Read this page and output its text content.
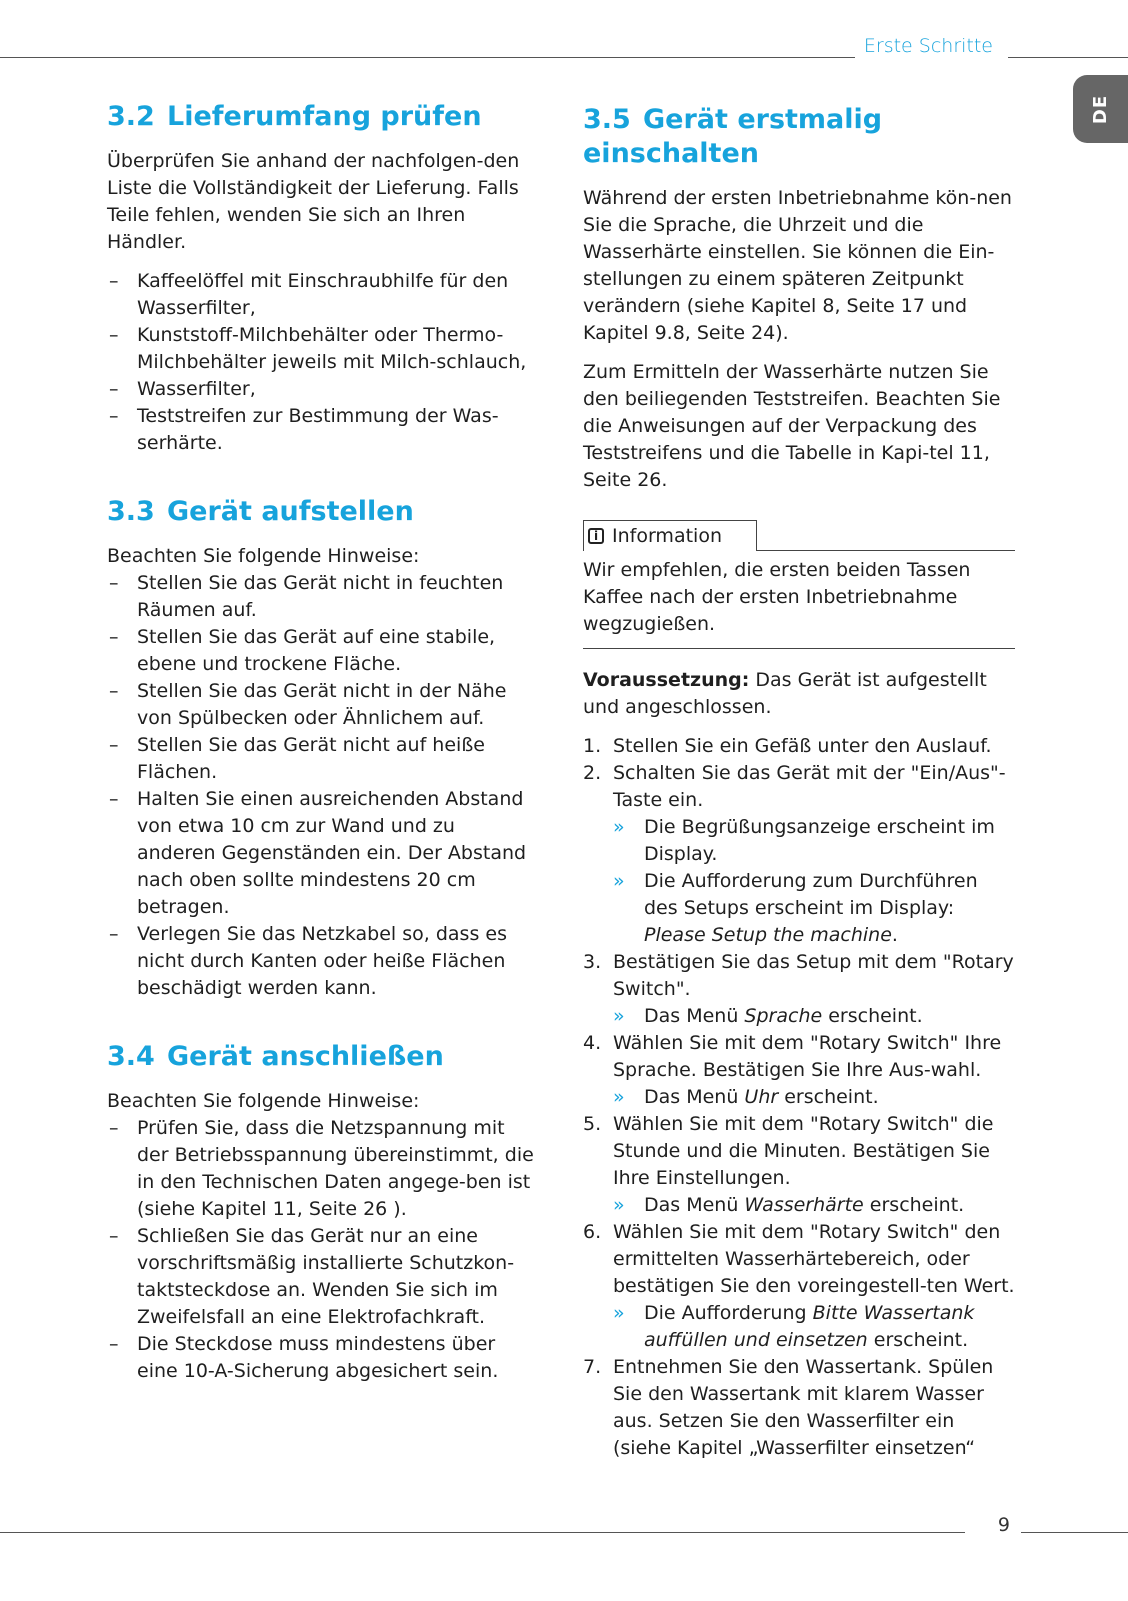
Erste Schritte
DE
9
3.2 Lieferumfang prüfen

Überprüfen Sie anhand der nachfolgen-den Liste die Vollständigkeit der Lieferung. Falls Teile fehlen, wenden Sie sich an Ihren Händler.

– Kaffeelöffel mit Einschraubhilfe für den Wasserfilter,
– Kunststoff-Milchbehälter oder Thermo-Milchbehälter jeweils mit Milch-schlauch,
– Wasserfilter,
– Teststreifen zur Bestimmung der Was-serhärte.
3.3 Gerät aufstellen

Beachten Sie folgende Hinweise:

– Stellen Sie das Gerät nicht in feuchten Räumen auf.
– Stellen Sie das Gerät auf eine stabile, ebene und trockene Fläche.
– Stellen Sie das Gerät nicht in der Nähe von Spülbecken oder Ähnlichem auf.
– Stellen Sie das Gerät nicht auf heiße Flächen.
– Halten Sie einen ausreichenden Abstand von etwa 10 cm zur Wand und zu anderen Gegenständen ein. Der Abstand nach oben sollte mindestens 20 cm betragen.
– Verlegen Sie das Netzkabel so, dass es nicht durch Kanten oder heiße Flächen beschädigt werden kann.
3.4 Gerät anschließen

Beachten Sie folgende Hinweise:

– Prüfen Sie, dass die Netzspannung mit der Betriebsspannung übereinstimmt, die in den Technischen Daten angege-ben ist (siehe Kapitel 11, Seite 26 ).
– Schließen Sie das Gerät nur an eine vorschriftsmäßig installierte Schutzkon-taktsteckdose an. Wenden Sie sich im Zweifelsfall an eine Elektrofachkraft.
– Die Steckdose muss mindestens über eine 10-A-Sicherung abgesichert sein.
3.5 Gerät erstmalig einschalten

Während der ersten Inbetriebnahme kön-nen Sie die Sprache, die Uhrzeit und die Wasserhärte einstellen. Sie können die Ein-stellungen zu einem späteren Zeitpunkt verändern (siehe Kapitel 8, Seite 17 und Kapitel 9.8, Seite 24).

Zum Ermitteln der Wasserhärte nutzen Sie den beiliegenden Teststreifen. Beachten Sie die Anweisungen auf der Verpackung des Teststreifens und die Tabelle in Kapi-tel 11, Seite 26.

i Information

Wir empfehlen, die ersten beiden Tassen Kaffee nach der ersten Inbetriebnahme wegzugießen.

Voraussetzung: Das Gerät ist aufgestellt und angeschlossen.

1. Stellen Sie ein Gefäß unter den Auslauf.
2. Schalten Sie das Gerät mit der "Ein/Aus"-Taste ein.
» Die Begrüßungsanzeige erscheint im Display.
» Die Aufforderung zum Durchführen des Setups erscheint im Display: Please Setup the machine.
3. Bestätigen Sie das Setup mit dem "Rotary Switch".
» Das Menü Sprache erscheint.
4. Wählen Sie mit dem "Rotary Switch" Ihre Sprache. Bestätigen Sie Ihre Aus-wahl.
» Das Menü Uhr erscheint.
5. Wählen Sie mit dem "Rotary Switch" die Stunde und die Minuten. Bestätigen Sie Ihre Einstellungen.
» Das Menü Wasserhärte erscheint.
6. Wählen Sie mit dem "Rotary Switch" den ermittelten Wasserhärtebereich, oder bestätigen Sie den voreingestell-ten Wert.
» Die Aufforderung Bitte Wassertank auffüllen und einsetzen erscheint.
7. Entnehmen Sie den Wassertank. Spülen Sie den Wassertank mit klarem Wasser aus. Setzen Sie den Wasserfilter ein (siehe Kapitel „Wasserfilter einsetzen“
